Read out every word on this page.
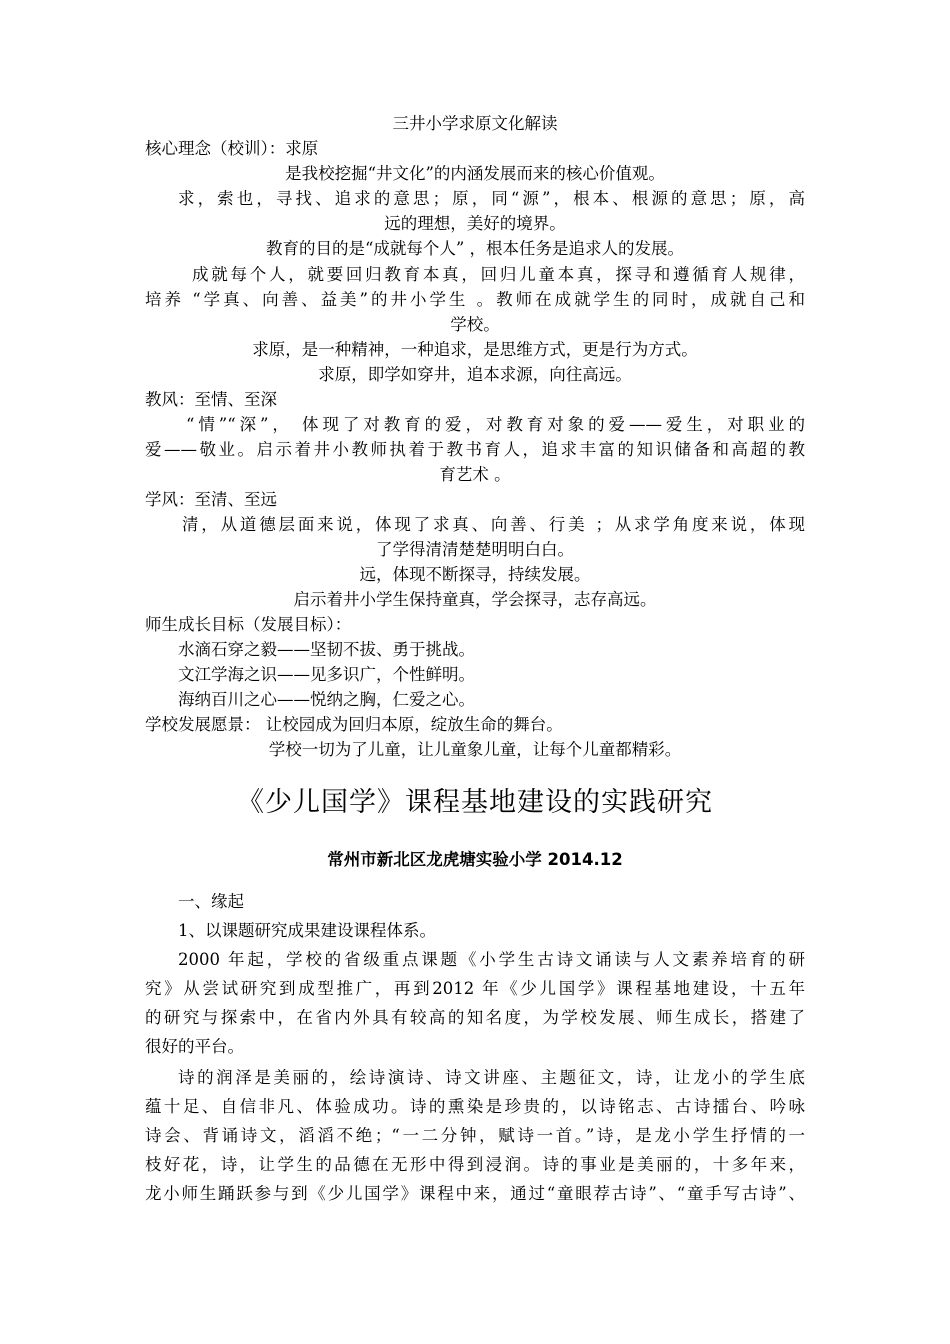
三井小学求原文化解读
核心理念（校训）：求原
是我校挖掘“井文化”的内涵发展而来的核心价值观。
求，索也，寻找、追求的意思；原，同“源”，根本、根源的意思；原，高
远的理想，美好的境界。
教育的目的是“成就每个人” ，根本任务是追求人的发展。
成就每个人，就要回归教育本真，回归儿童本真，探寻和遵循育人规律，
培养 “学真、向善、益美”的井小学生 。教师在成就学生的同时，成就自己和
学校。
求原，是一种精神，一种追求，是思维方式，更是行为方式。
求原，即学如穿井，追本求源，向往高远。
教风：至情、至深
“情”“深”， 体现了对教育的爱，对教育对象的爱——爱生，对职业的
爱——敬业。启示着井小教师执着于教书育人，追求丰富的知识储备和高超的教
育艺术 。
学风：至清、至远
清，从道德层面来说，体现了求真、向善、行美 ；从求学角度来说，体现
了学得清清楚楚明明白白。
远，体现不断探寻，持续发展。
启示着井小学生保持童真，学会探寻，志存高远。
师生成长目标（发展目标）：
水滴石穿之毅——坚韧不拔、勇于挑战。
文江学海之识——见多识广，个性鲜明。
海纳百川之心——悦纳之胸，仁爱之心。
学校发展愿景： 让校园成为回归本原，绽放生命的舞台。
学校一切为了儿童，让儿童象儿童，让每个儿童都精彩。
《少儿国学》课程基地建设的实践研究
常州市新北区龙虎塘实验小学 2014.12
一、缘起
1、以课题研究成果建设课程体系。
2000 年起，学校的省级重点课题《小学生古诗文诵读与人文素养培育的研
究》从尝试研究到成型推广，再到2012 年《少儿国学》课程基地建设，十五年
的研究与探索中，在省内外具有较高的知名度，为学校发展、师生成长，搭建了
很好的平台。
诗的润泽是美丽的，绘诗演诗、诗文讲座、主题征文，诗，让龙小的学生底
蕴十足、自信非凡、体验成功。诗的熏染是珍贵的，以诗铭志、古诗擂台、吟咏
诗会、背诵诗文，滔滔不绝；“一二分钟，赋诗一首。”诗，是龙小学生抒情的一
枝好花，诗，让学生的品德在无形中得到浸润。诗的事业是美丽的，十多年来，
龙小师生踊跃参与到《少儿国学》课程中来，通过“童眼荐古诗”、“童手写古诗”、
